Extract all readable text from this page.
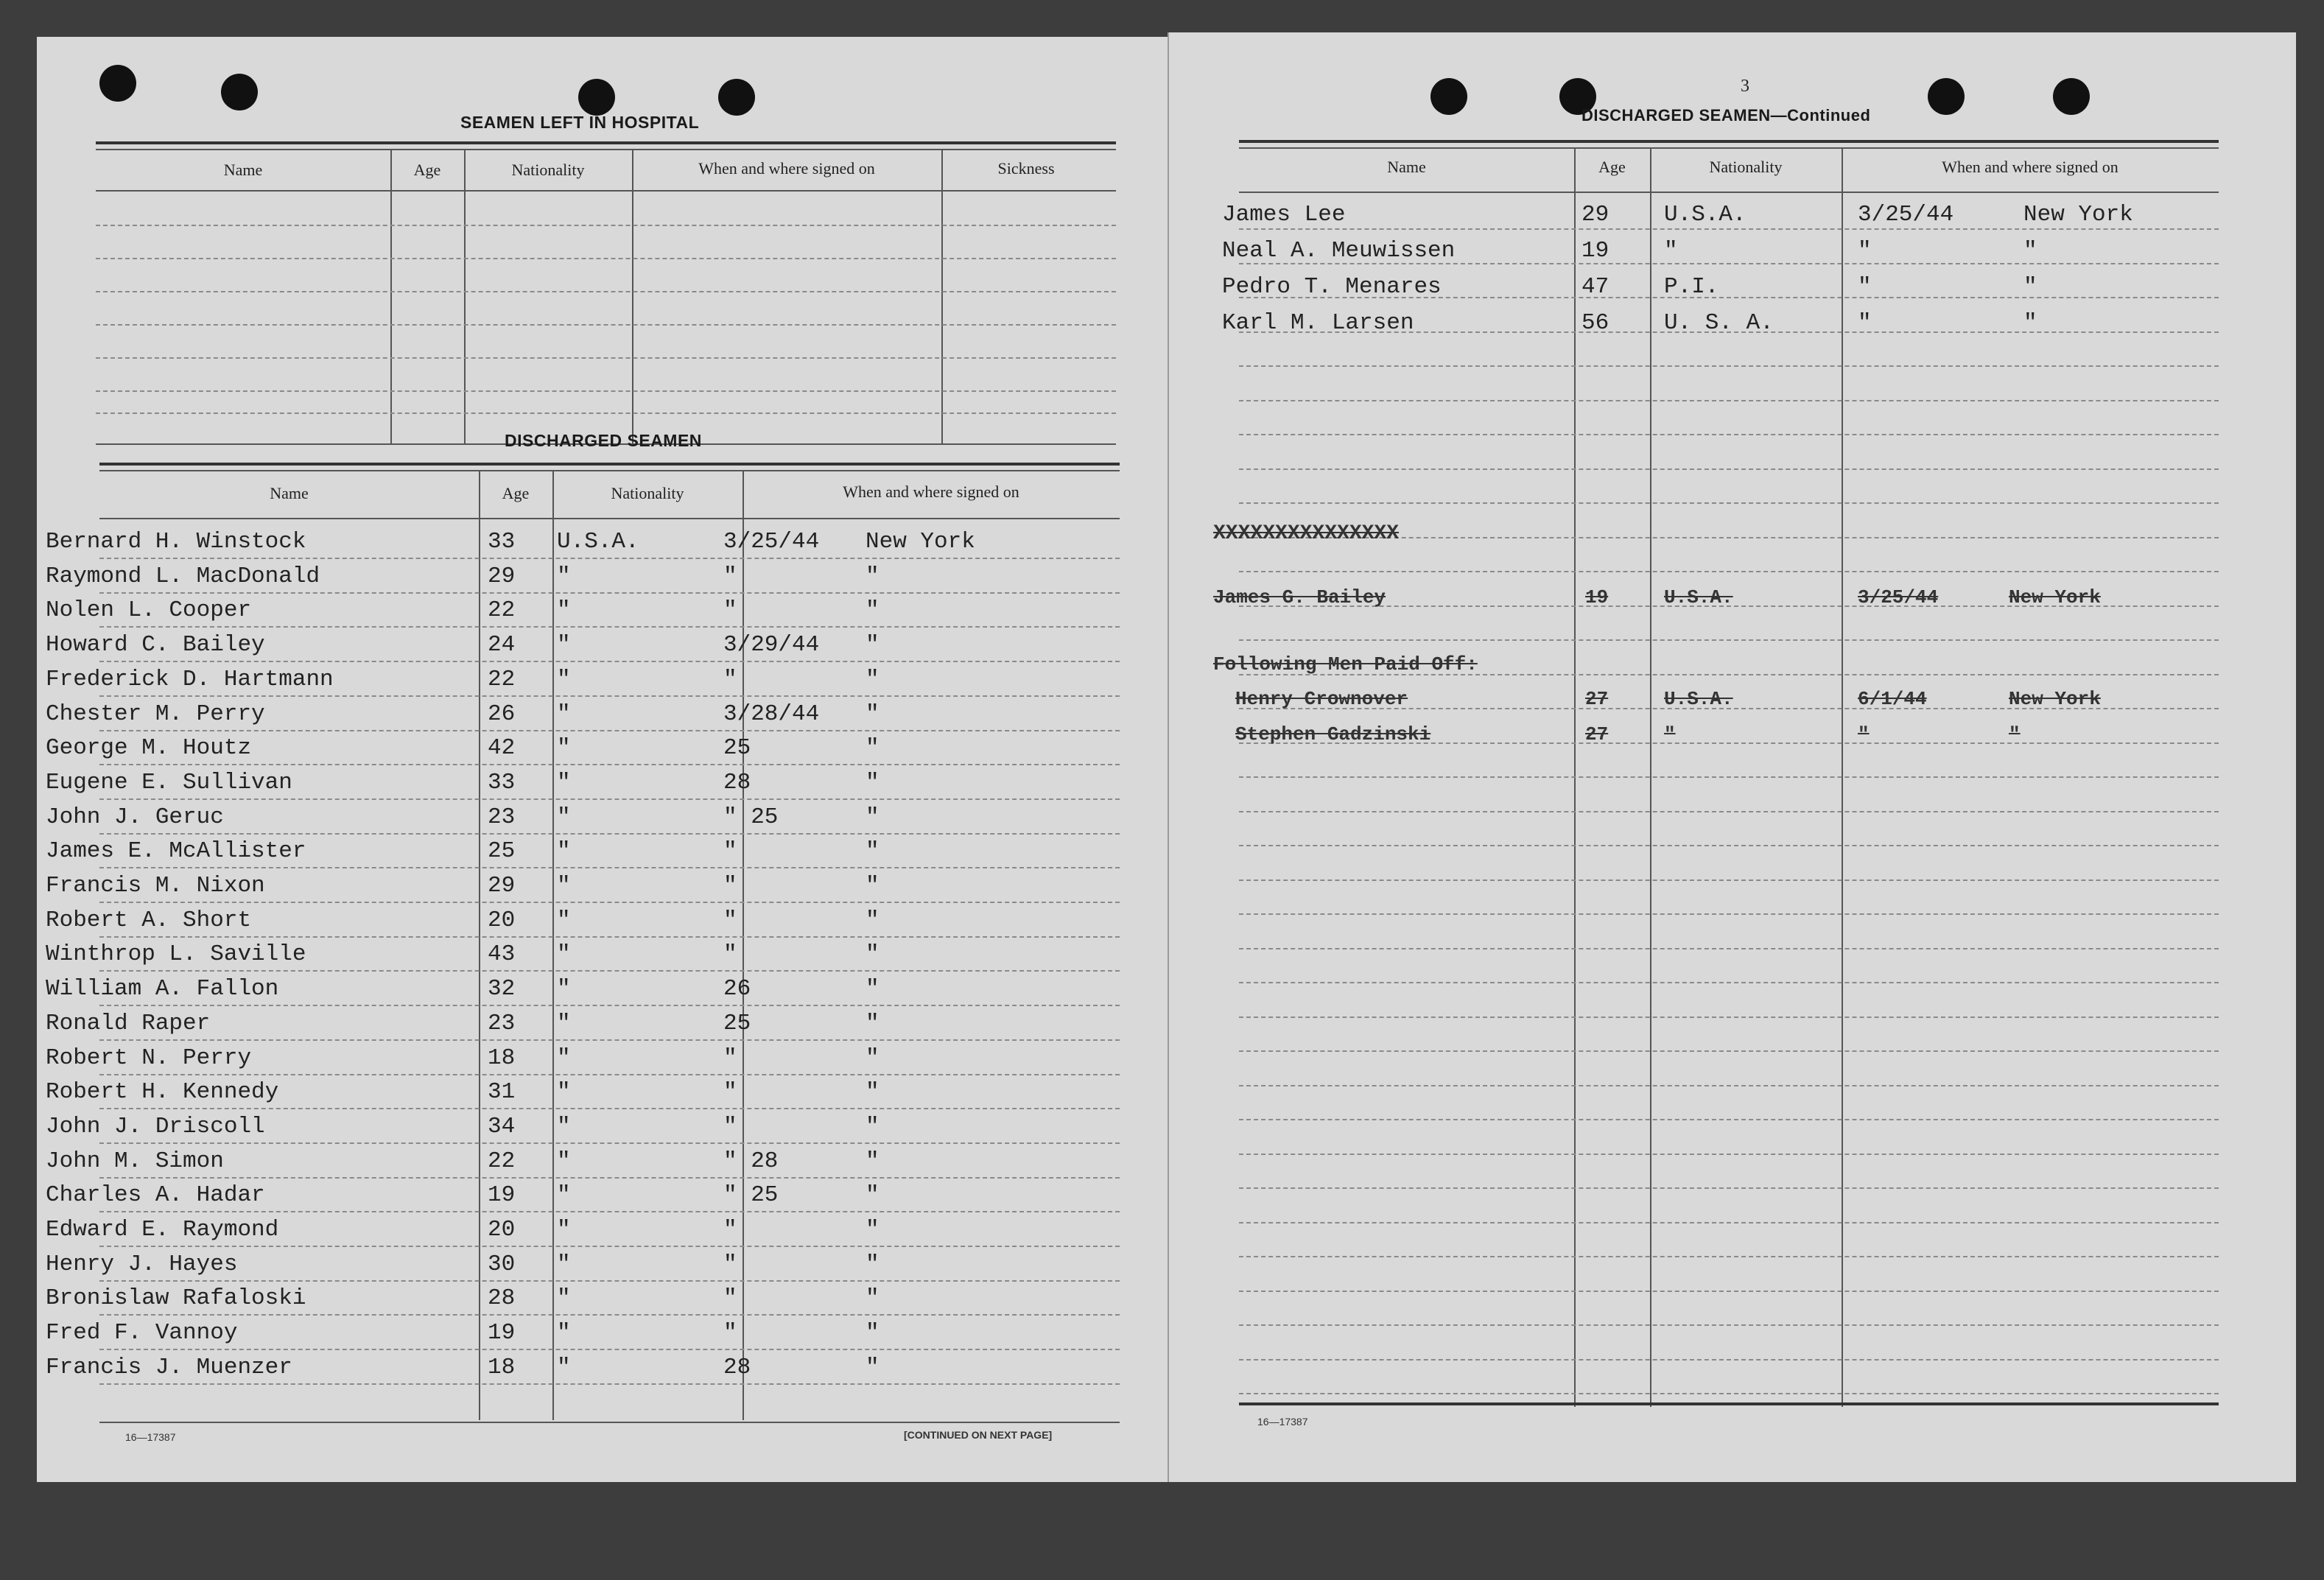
SEAMEN LEFT IN HOSPITAL
Name	Age	Nationality	When and where signed on	Sickness
DISCHARGED SEAMEN
Name	Age	Nationality	When and where signed on
Bernard H. Winstock	33 U.S.A.	3/25/44 New York
Raymond L. MacDonald	29 "	"	"
Nolen L. Cooper	22 "	"	"
Howard C. Bailey	24 "	3/29/44 "
Frederick D. Hartmann	22 "	"	"
Chester M. Perry	26 "	3/28/44 "
George M. Houtz	42 "	25	"
Eugene E. Sullivan	33 "	28	"
John J. Geruc	23 "	" 25	"
James E. McAllister	25 "	"	"
Francis M. Nixon	29 "	"	"
Robert A. Short	20 "	"	"
Winthrop L. Saville	43 "	"	"
William A. Fallon	32 "	26	"
Ronald Raper	23 "	25	"
Robert N. Perry	18 "	"	"
Robert H. Kennedy	31 "	"	"
John J. Driscoll	34 "	"	"
John M. Simon	22 "	" 28	"
Charles A. Hadar	19 "	" 25	"
Edward E. Raymond	20 "	"	"
Henry J. Hayes	30 "	"	"
Bronislaw Rafaloski	28 "	"	"
Fred F. Vannoy	19 "	"	"
Francis J. Muenzer	18 "	28	"
16—17387	[CONTINUED ON NEXT PAGE]
3
DISCHARGED SEAMEN—Continued
Name	Age	Nationality	When and where signed on
James Lee	29 U.S.A.	3/25/44	New York
Neal A. Meuwissen	19 "	"	"
Pedro T. Menares	47 P.I.	"	"
Karl M. Larsen	56 U. S. A.	"	"
XXXXXXXXXXXXXXX
James G. Bailey	19	U.S.A.	3/25/44	New York
Following Men Paid Off:
Henry Crownover	27	U.S.A.	6/1/44	New York
Stephen Gadzinski	27	"	"	"
16—17387
